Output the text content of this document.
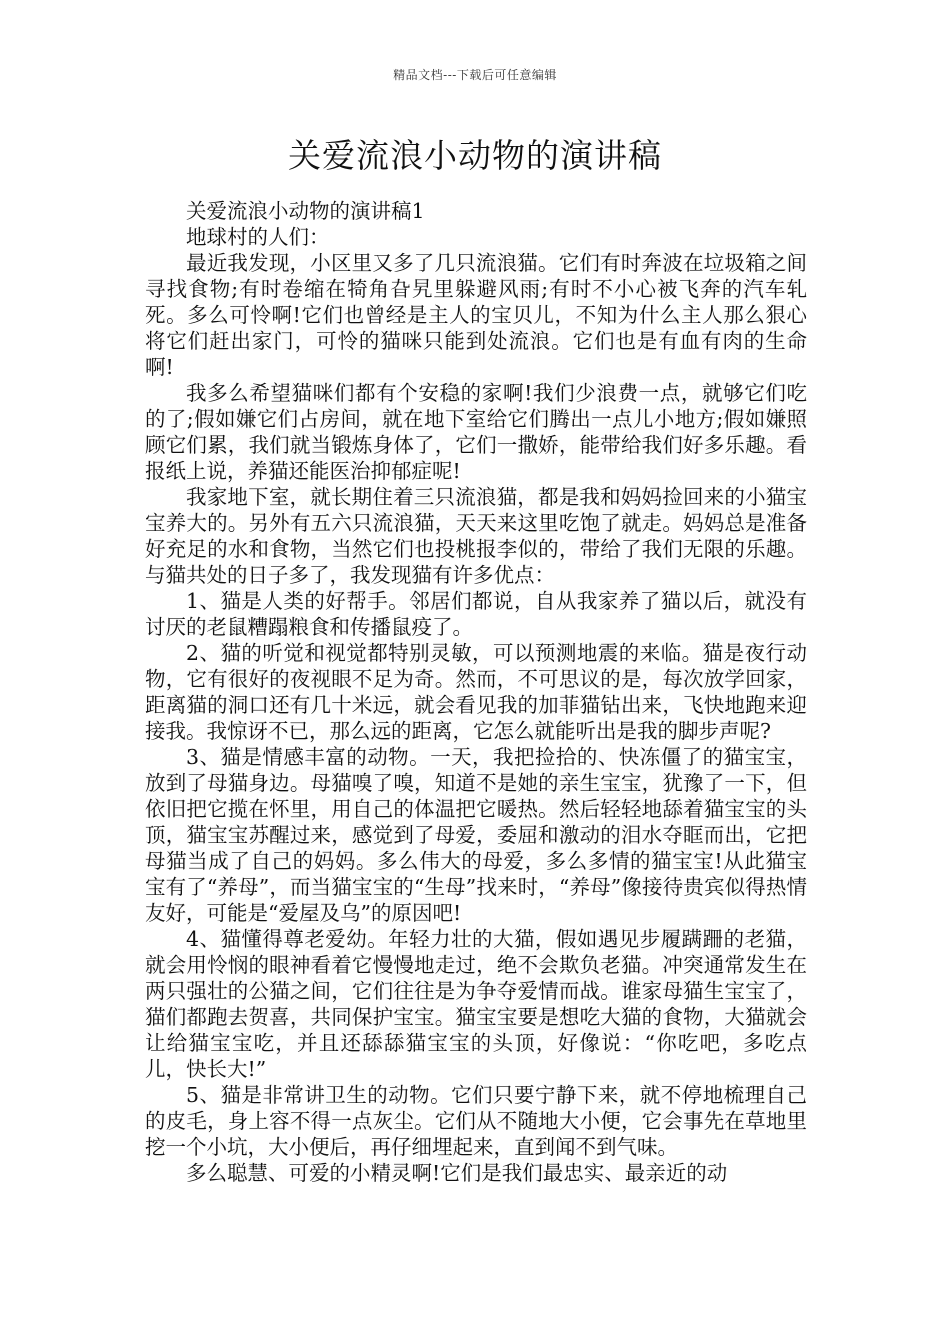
精品文档---下载后可任意编辑
关爱流浪小动物的演讲稿

关爱流浪小动物的演讲稿1

地球村的人们：

最近我发现，小区里又多了几只流浪猫。它们有时奔波在垃圾箱之间寻找食物;有时卷缩在犄角旮旯里躲避风雨;有时不小心被飞奔的汽车轧死。多么可怜啊!它们也曾经是主人的宝贝儿，不知为什么主人那么狠心将它们赶出家门，可怜的猫咪只能到处流浪。它们也是有血有肉的生命啊!

我多么希望猫咪们都有个安稳的家啊!我们少浪费一点，就够它们吃的了;假如嫌它们占房间，就在地下室给它们腾出一点儿小地方;假如嫌照顾它们累，我们就当锻炼身体了，它们一撒娇，能带给我们好多乐趣。看报纸上说，养猫还能医治抑郁症呢!

我家地下室，就长期住着三只流浪猫，都是我和妈妈捡回来的小猫宝宝养大的。另外有五六只流浪猫，天天来这里吃饱了就走。妈妈总是准备好充足的水和食物，当然它们也投桃报李似的，带给了我们无限的乐趣。与猫共处的日子多了，我发现猫有许多优点：

1、猫是人类的好帮手。邻居们都说，自从我家养了猫以后，就没有讨厌的老鼠糟蹋粮食和传播鼠疫了。

2、猫的听觉和视觉都特别灵敏，可以预测地震的来临。猫是夜行动物，它有很好的夜视眼不足为奇。然而，不可思议的是，每次放学回家，距离猫的洞口还有几十米远，就会看见我的加菲猫钻出来，飞快地跑来迎接我。我惊讶不已，那么远的距离，它怎么就能听出是我的脚步声呢?

3、猫是情感丰富的动物。一天，我把捡拾的、快冻僵了的猫宝宝，放到了母猫身边。母猫嗅了嗅，知道不是她的亲生宝宝，犹豫了一下，但依旧把它揽在怀里，用自己的体温把它暖热。然后轻轻地舔着猫宝宝的头顶，猫宝宝苏醒过来，感觉到了母爱，委屈和激动的泪水夺眶而出，它把母猫当成了自己的妈妈。多么伟大的母爱，多么多情的猫宝宝!从此猫宝宝有了“养母”，而当猫宝宝的“生母”找来时，“养母”像接待贵宾似得热情友好，可能是“爱屋及乌”的原因吧!

4、猫懂得尊老爱幼。年轻力壮的大猫，假如遇见步履蹒跚的老猫，就会用怜悯的眼神看着它慢慢地走过，绝不会欺负老猫。冲突通常发生在两只强壮的公猫之间，它们往往是为争夺爱情而战。谁家母猫生宝宝了，猫们都跑去贺喜，共同保护宝宝。猫宝宝要是想吃大猫的食物，大猫就会让给猫宝宝吃，并且还舔舔猫宝宝的头顶，好像说：“你吃吧，多吃点儿，快长大!”

5、猫是非常讲卫生的动物。它们只要宁静下来，就不停地梳理自己的皮毛，身上容不得一点灰尘。它们从不随地大小便，它会事先在草地里挖一个小坑，大小便后，再仔细埋起来，直到闻不到气味。

多么聪慧、可爱的小精灵啊!它们是我们最忠实、最亲近的动
